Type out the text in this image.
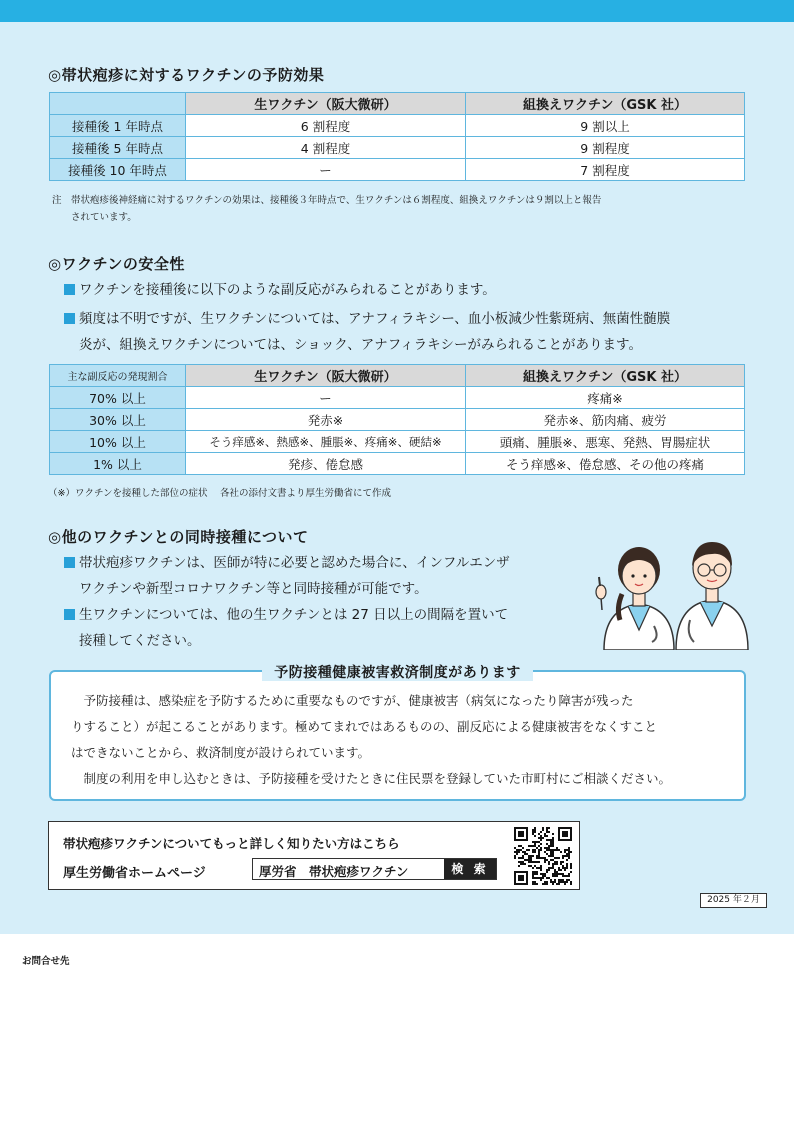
◎帯状疱疹に対するワクチンの予防効果
	生ワクチン（阪大微研）	組換えワクチン（GSK 社）
接種後 1 年時点	6 割程度	9 割以上
接種後 5 年時点	4 割程度	9 割程度
接種後 10 年時点	ー	7 割程度
注　帯状疱疹後神経痛に対するワクチンの効果は、接種後３年時点で、生ワクチンは６割程度、組換えワクチンは９割以上と報告
されています。
◎ワクチンの安全性
ワクチンを接種後に以下のような副反応がみられることがあります。
頻度は不明ですが、生ワクチンについては、アナフィラキシー、血小板減少性紫斑病、無菌性髄膜
炎が、組換えワクチンについては、ショック、アナフィラキシーがみられることがあります。
主な副反応の発現割合	生ワクチン（阪大微研）	組換えワクチン（GSK 社）
70% 以上	ー	疼痛※
30% 以上	発赤※	発赤※、筋肉痛、疲労
10% 以上	そう痒感※、熱感※、腫脹※、疼痛※、硬結※	頭痛、腫脹※、悪寒、発熱、胃腸症状
1% 以上	発疹、倦怠感	そう痒感※、倦怠感、その他の疼痛
（※）ワクチンを接種した部位の症状　 各社の添付文書より厚生労働省にて作成
◎他のワクチンとの同時接種について
帯状疱疹ワクチンは、医師が特に必要と認めた場合に、インフルエンザ
ワクチンや新型コロナワクチン等と同時接種が可能です。
生ワクチンについては、他の生ワクチンとは 27 日以上の間隔を置いて
接種してください。
予防接種健康被害救済制度があります

　予防接種は、感染症を予防するために重要なものですが、健康被害（病気になったり障害が残った
りすること）が起こることがあります。極めてまれではあるものの、副反応による健康被害をなくすこと
はできないことから、救済制度が設けられています。

　制度の利用を申し込むときは、予防接種を受けたときに住民票を登録していた市町村にご相談ください。

帯状疱疹ワクチンについてもっと詳しく知りたい方はこちら
厚生労働省ホームページ	厚労省　帯状疱疹ワクチン	検 索
2025 年２月
お問合せ先
